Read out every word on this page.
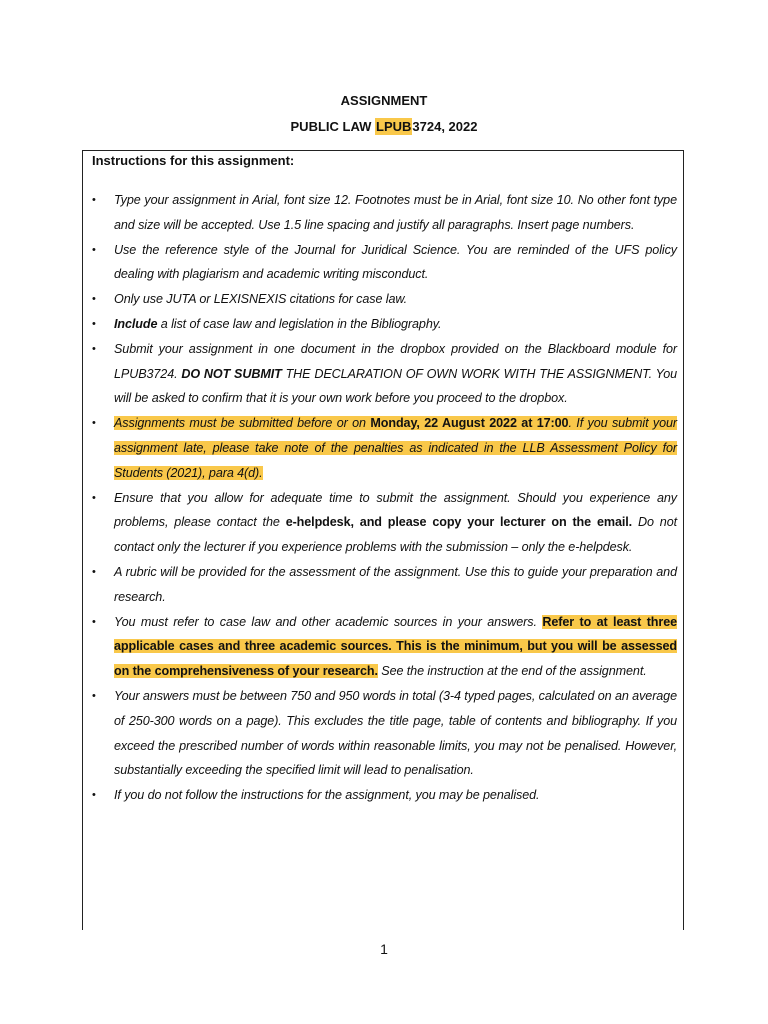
ASSIGNMENT
PUBLIC LAW LPUB3724, 2022
Instructions for this assignment:
• Type your assignment in Arial, font size 12. Footnotes must be in Arial, font size 10. No other font type and size will be accepted. Use 1.5 line spacing and justify all paragraphs. Insert page numbers.
• Use the reference style of the Journal for Juridical Science. You are reminded of the UFS policy dealing with plagiarism and academic writing misconduct.
• Only use JUTA or LEXISNEXIS citations for case law.
• Include a list of case law and legislation in the Bibliography.
• Submit your assignment in one document in the dropbox provided on the Blackboard module for LPUB3724. DO NOT SUBMIT THE DECLARATION OF OWN WORK WITH THE ASSIGNMENT. You will be asked to confirm that it is your own work before you proceed to the dropbox.
• Assignments must be submitted before or on Monday, 22 August 2022 at 17:00. If you submit your assignment late, please take note of the penalties as indicated in the LLB Assessment Policy for Students (2021), para 4(d).
• Ensure that you allow for adequate time to submit the assignment. Should you experience any problems, please contact the e-helpdesk, and please copy your lecturer on the email. Do not contact only the lecturer if you experience problems with the submission – only the e-helpdesk.
• A rubric will be provided for the assessment of the assignment. Use this to guide your preparation and research.
• You must refer to case law and other academic sources in your answers. Refer to at least three applicable cases and three academic sources. This is the minimum, but you will be assessed on the comprehensiveness of your research. See the instruction at the end of the assignment.
• Your answers must be between 750 and 950 words in total (3-4 typed pages, calculated on an average of 250-300 words on a page). This excludes the title page, table of contents and bibliography. If you exceed the prescribed number of words within reasonable limits, you may not be penalised. However, substantially exceeding the specified limit will lead to penalisation.
• If you do not follow the instructions for the assignment, you may be penalised.
1
